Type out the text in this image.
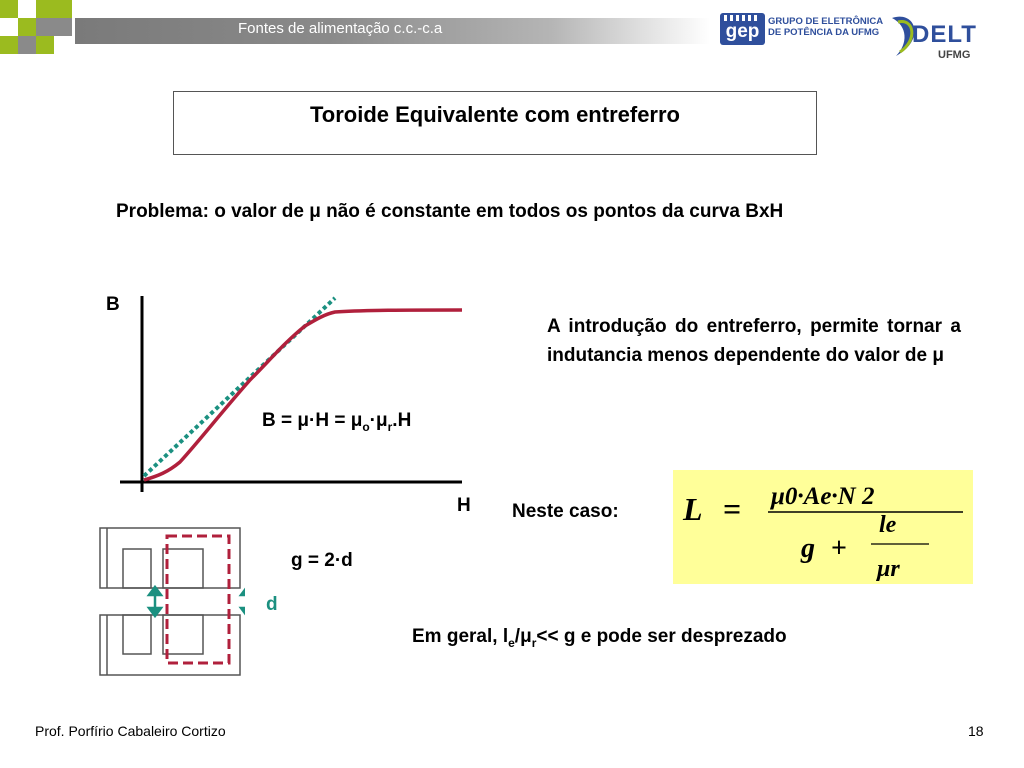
Fontes de alimentação c.c.-c.a	gep GRUPO DE ELETRÔNICA
DE POTÊNCIA DA UFMG DELT
UFMG
Toroide Equivalente com entreferro
Problema: o valor de μ não é constante em todos os pontos da curva BxH
B
H
$B = \mu\cdot H = \mu_o\cdot\mu_r.H$
A introdução do entreferro, permite tornar a indutancia menos dependente do valor de μ
d
g = 2·d
Neste caso: L = μ0·Ae·N 2
g +
le
μr
Em geral, $l_e/\mu_r<< g$ e pode ser desprezado
Prof. Porfírio Cabaleiro Cortizo	18
